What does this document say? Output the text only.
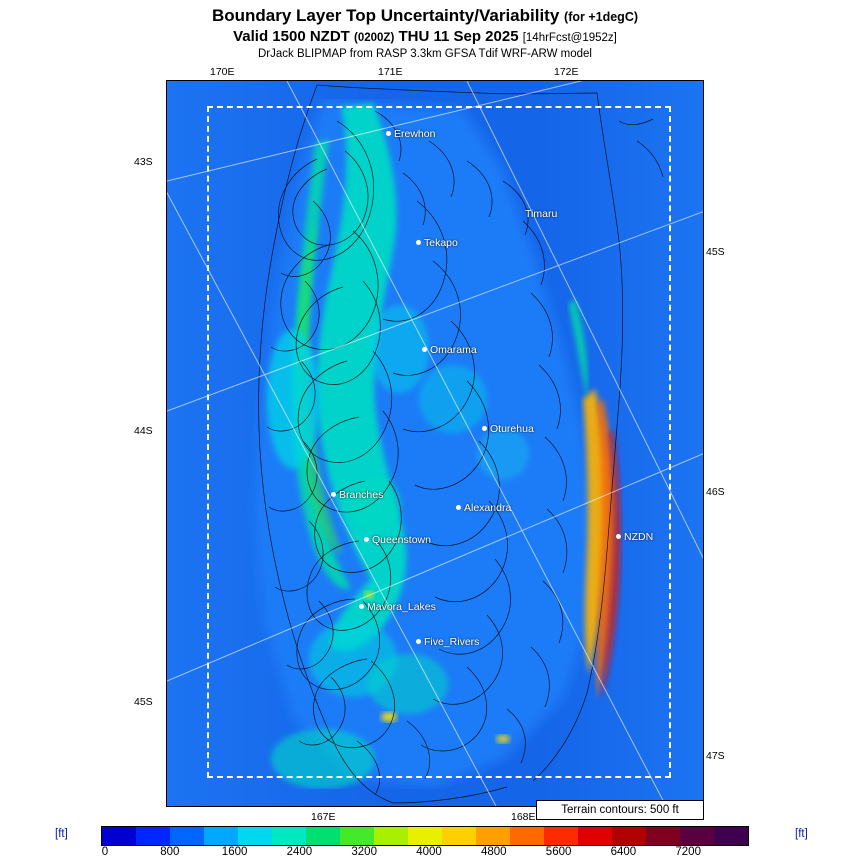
Boundary Layer Top Uncertainty/Variability (for +1degC)
Valid 1500 NZDT (0200Z) THU 11 Sep 2025 [14hrFcst@1952z]
DrJack BLIPMAP from RASP 3.3km GFSA Tdif WRF-ARW model
Erewhon
Timaru
Tekapo
Omarama
Oturehua
Branches
Alexandra
Queenstown	NZDN
Mavora_Lakes
Five_Rivers
170E	171E	172E
167E	168E
43S
44S
45S
45S
46S
47S
Terrain contours: 500 ft
[ft]	[ft]
0	800	1600	2400	3200	4000	4800	5600	6400	7200
